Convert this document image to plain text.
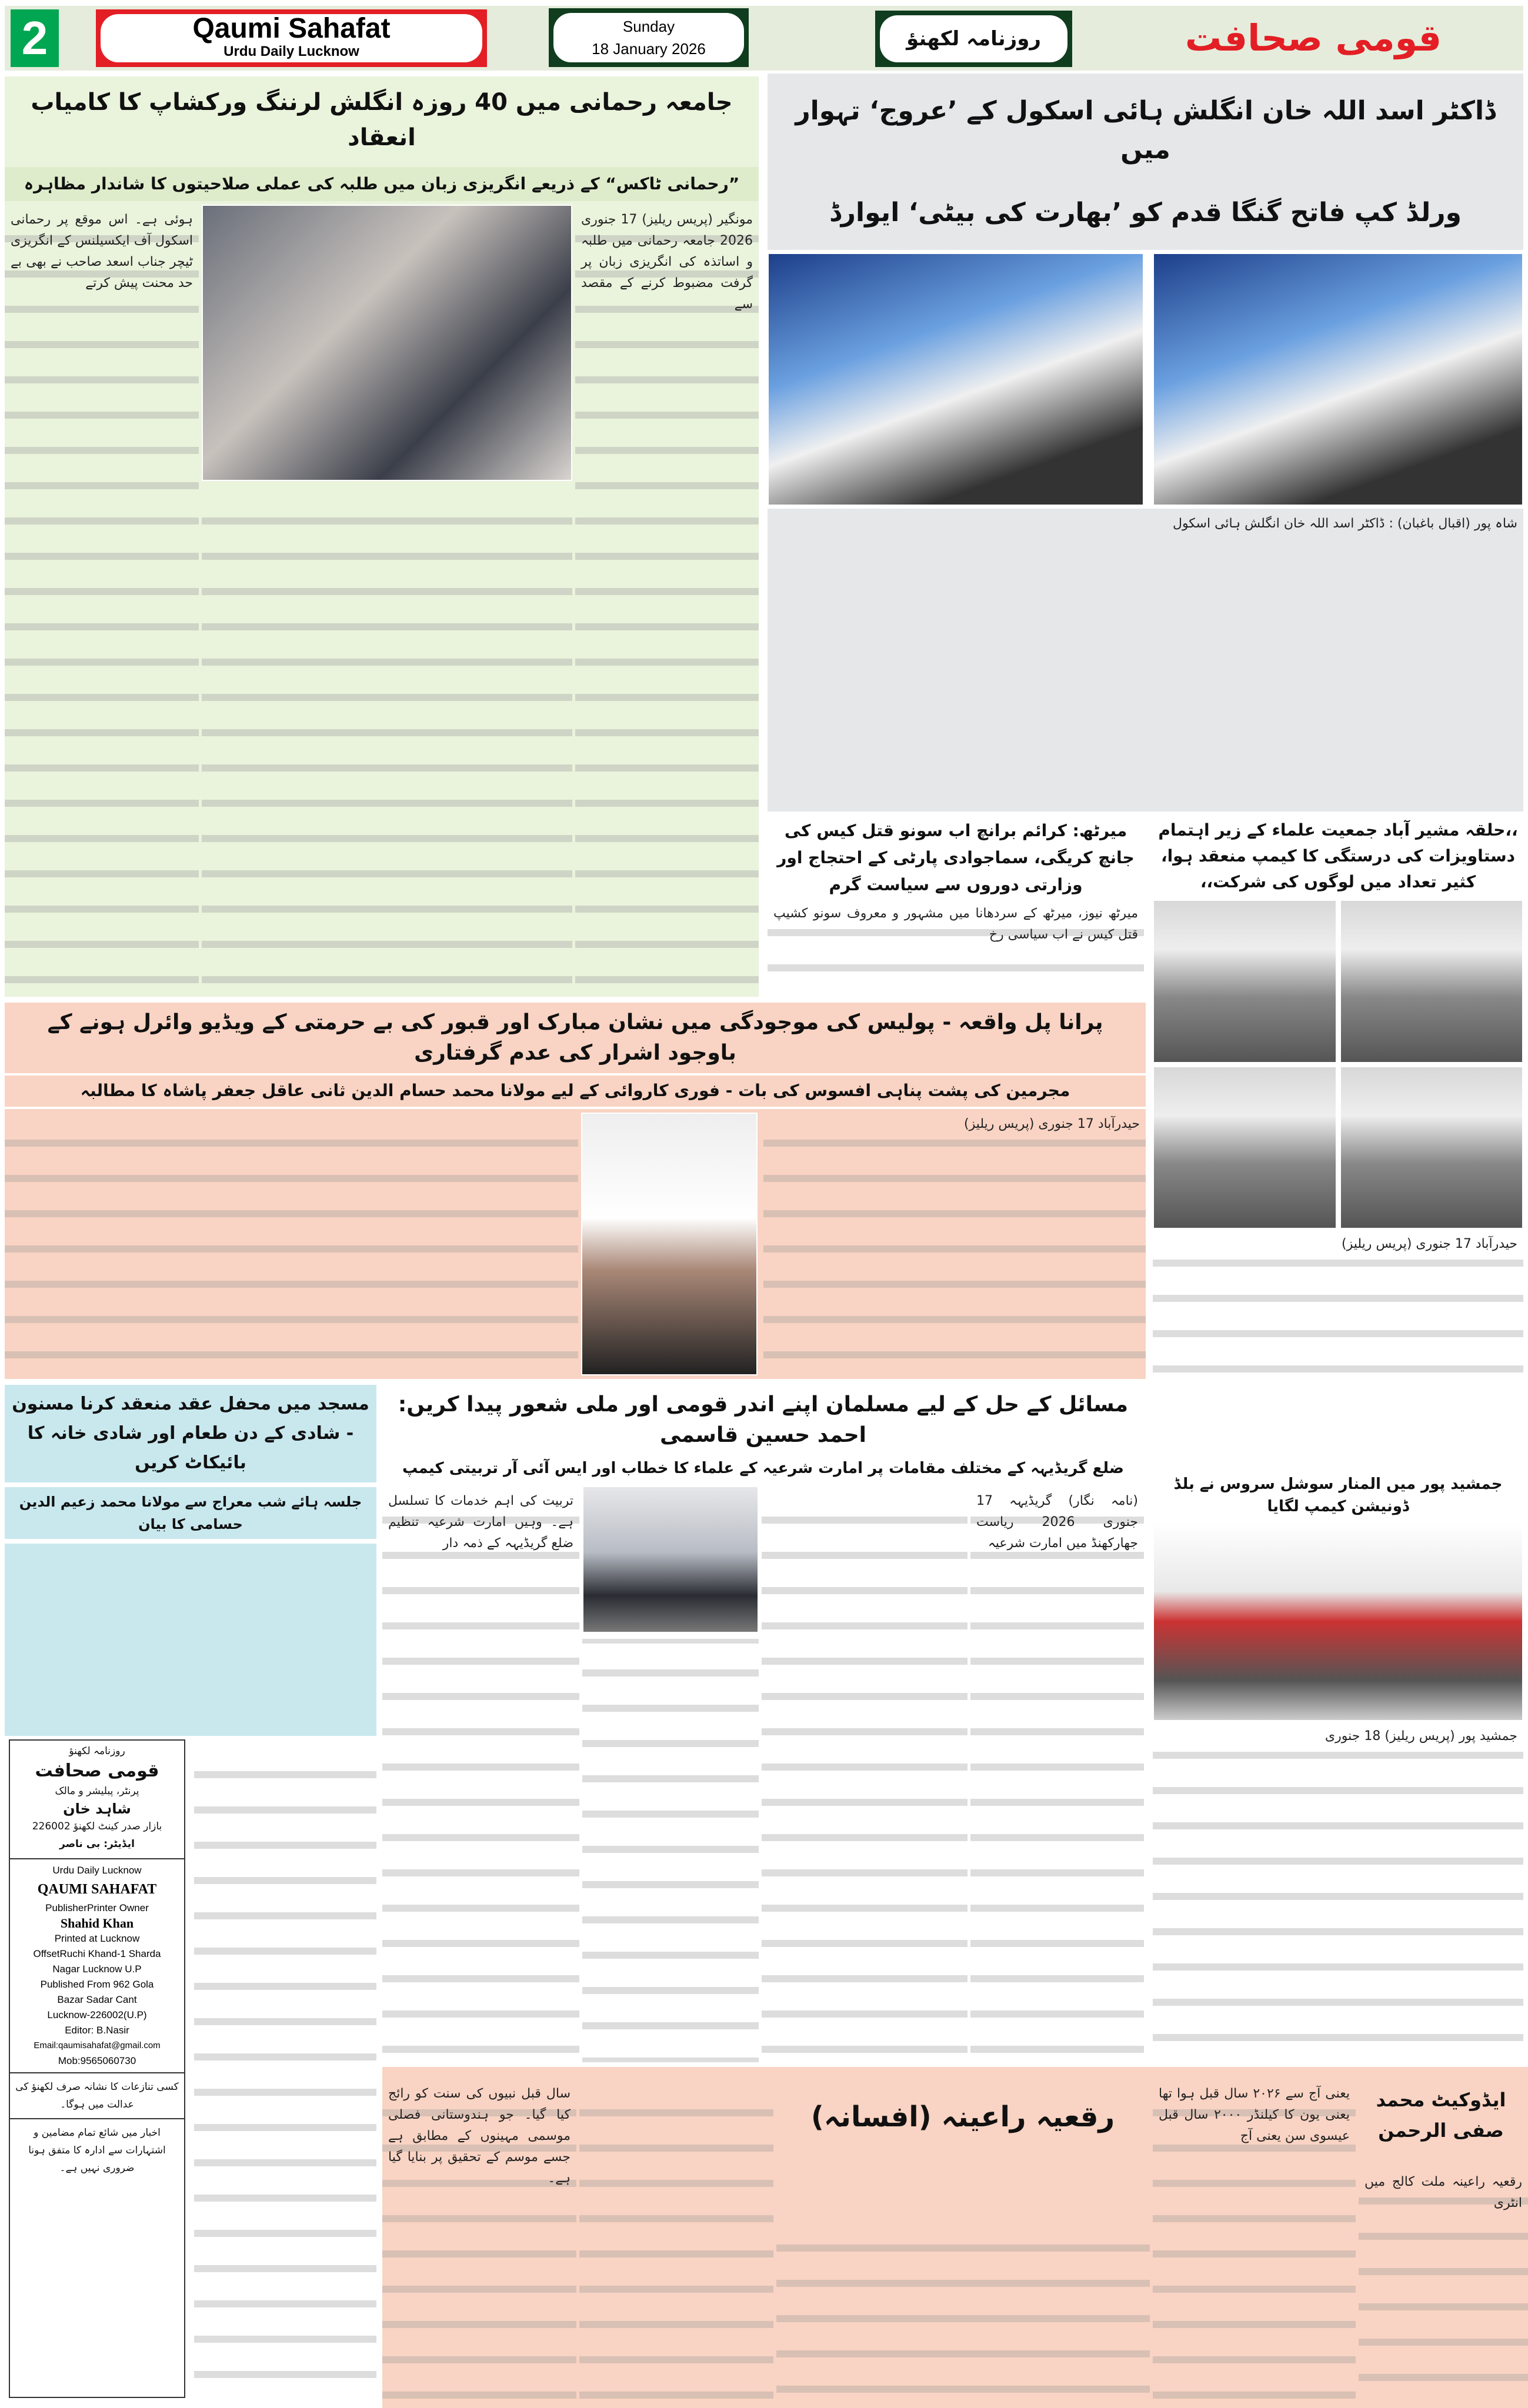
2	Qaumi Sahafat
Urdu Daily Lucknow
Sunday
18 January 2026	روزنامہ لکھنؤ	قومی صحافت
جامعہ رحمانی میں 40 روزہ انگلش لرننگ ورکشاپ کا کامیاب انعقاد
”رحمانی ٹاکس“ کے ذریعے انگریزی زبان میں طلبہ کی عملی صلاحیتوں کا شاندار مظاہرہ
مونگیر (پریس ریلیز) 17 جنوری 2026 جامعہ رحمانی میں طلبہ و اساتذہ کی انگریزی زبان پر گرفت مضبوط کرنے کے مقصد سے
ہوئی ہے۔ اس موقع پر رحمانی اسکول آف ایکسیلنس کے انگریزی ٹیچر جناب اسعد صاحب نے بھی بے حد محنت پیش کرتے
ڈاکٹر اسد اللہ خان انگلش ہائی اسکول کے ’عروج‘ تہوار میں
ورلڈ کپ فاتح گنگا قدم کو ’بھارت کی بیٹی‘ ایوارڈ
شاہ پور (اقبال باغبان) : ڈاکٹر اسد اللہ خان انگلش ہائی اسکول
میرٹھ: کرائم برانچ اب سونو قتل کیس کی جانچ کریگی، سماجوادی پارٹی کے احتجاج اور وزارتی دوروں سے سیاست گرم
میرٹھ نیوز، میرٹھ کے سردھانا میں مشہور و معروف سونو کشیپ قتل کیس نے اب سیاسی رخ
،،حلقہ مشیر آباد جمعیت علماء کے زیر اہتمام دستاویزات کی درستگی کا کیمپ منعقد ہوا، کثیر تعداد میں لوگوں کی شرکت،،
حیدرآباد 17 جنوری (پریس ریلیز)
پرانا پل واقعہ - پولیس کی موجودگی میں نشان مبارک اور قبور کی بے حرمتی کے ویڈیو وائرل ہونے کے باوجود اشرار کی عدم گرفتاری
مجرمین کی پشت پناہی افسوس کی بات - فوری کاروائی کے لیے مولانا محمد حسام الدین ثانی عاقل جعفر پاشاہ کا مطالبہ
حیدرآباد 17 جنوری (پریس ریلیز)
مسجد میں محفل عقد منعقد کرنا مسنون - شادی کے دن طعام اور شادی خانہ کا بائیکاٹ کریں
جلسہ ہائے شب معراج سے مولانا محمد زعیم الدین حسامی کا بیان
روزنامہ لکھنؤ
قومی صحافت
پرنٹر، پبلیشر و مالک
شاہد خان
بازار صدر کینٹ لکھنؤ 226002
ایڈیٹر: بی ناصر
Urdu Daily Lucknow
QAUMI SAHAFAT
PublisherPrinter Owner
Shahid Khan
Printed at Lucknow
OffsetRuchi Khand-1 Sharda
Nagar Lucknow U.P
Published From 962 Gola
Bazar Sadar Cant
Lucknow-226002(U.P)
Editor: B.Nasir
Email:qaumisahafat@gmail.com
Mob:9565060730
کسی تنازعات کا نشانہ صرف لکھنؤ کی عدالت میں ہوگا۔
اخبار میں شائع تمام مضامین و اشتہارات سے ادارہ کا متفق ہونا ضروری نہیں ہے۔
مسائل کے حل کے لیے مسلمان اپنے اندر قومی اور ملی شعور پیدا کریں: احمد حسین قاسمی
ضلع گریڈیہہ کے مختلف مقامات پر امارت شرعیہ کے علماء کا خطاب اور ایس آئی آر تربیتی کیمپ
(نامہ نگار) گریڈیہہ 17 جنوری 2026 ریاست جھارکھنڈ میں امارت شرعیہ
تربیت کی اہم خدمات کا تسلسل ہے۔ وہیں امارت شرعیہ تنظیم ضلع گریڈیہہ کے ذمہ دار
جمشید پور میں المنار سوشل سروس نے بلڈ ڈونیشن کیمپ لگایا
جمشید پور (پریس ریلیز) 18 جنوری
رقعیہ راعینہ (افسانہ)
ایڈوکیٹ محمد صفی الرحمن
رقعیہ راعینہ ملت کالج میں انٹری
یعنی آج سے ۲۰۲۶ سال قبل ہوا تھا یعنی یون کا کیلنڈر ۲۰۰۰ سال قبل عیسوی سن یعنی آج
سال قبل نبیوں کی سنت کو رائج کیا گیا۔ جو ہندوستانی فصلی موسمی مہینوں کے مطابق ہے جسے موسم کے تحقیق پر بنایا گیا ہے۔
